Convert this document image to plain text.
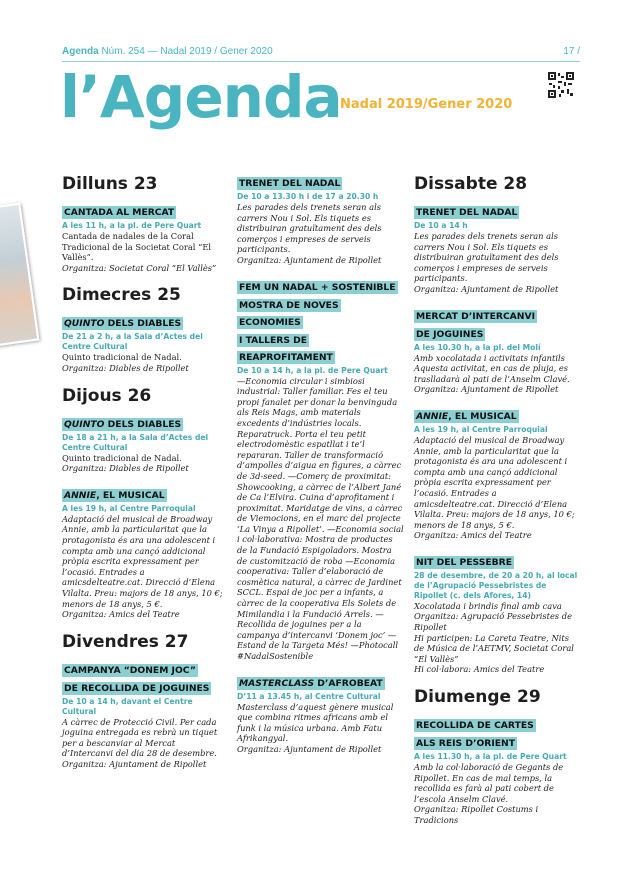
Agenda Núm. 254 — Nadal 2019 / Gener 2020	17 /
l’Agenda
Nadal 2019/Gener 2020
Dilluns 23
CANTADA AL MERCAT
A les 11 h, a la pl. de Pere Quart
Cantada de nadales de la Coral Tradicional de la Societat Coral “El Vallès”.
Organitza: Societat Coral “El Vallès”
Dimecres 25
QUINTO DELS DIABLES
De 21 a 2 h, a la Sala d’Actes del Centre Cultural
Quinto tradicional de Nadal.
Organitza: Diables de Ripollet
Dijous 26
QUINTO DELS DIABLES
De 18 a 21 h, a la Sala d’Actes del Centre Cultural
Quinto tradicional de Nadal.
Organitza: Diables de Ripollet
ANNIE, EL MUSICAL
A les 19 h, al Centre Parroquial
Adaptació del musical de Broadway Annie, amb la particularitat que la protagonista és ara una adolescent i compta amb una cançó addicional pròpia escrita expressament per l’ocasió. Entrades a amicsdelteatre.cat. Direcció d’Elena Vilalta. Preu: majors de 18 anys, 10 €; menors de 18 anys, 5 €.
Organitza: Amics del Teatre
Divendres 27
CAMPANYA “DONEM JOC”
DE RECOLLIDA DE JOGUINES
De 10 a 14 h, davant el Centre Cultural
A càrrec de Protecció Civil. Per cada joguina entregada es rebrà un tiquet per a bescanviar al Mercat d’Intercanvi del dia 28 de desembre.
Organitza: Ajuntament de Ripollet
TRENET DEL NADAL
De 10 a 13.30 h i de 17 a 20.30 h
Les parades dels trenets seran als carrers Nou i Sol. Els tiquets es distribuiran gratuïtament des dels comerços i empreses de serveis participants.
Organitza: Ajuntament de Ripollet
FEM UN NADAL + SOSTENIBLE
MOSTRA DE NOVES ECONOMIES
I TALLERS DE REAPROFITAMENT
De 10 a 14 h, a la pl. de Pere Quart
—Economia circular i simbiosi industrial: Taller familiar. Fes el teu propi fanalet per donar la benvinguda als Reis Mags, amb materials excedents d’indústries locals. Reparatruck. Porta el teu petit electrodomèstic espatllat i te’l repararan. Taller de transformació d’ampolles d’aigua en figures, a càrrec de 3d-seed. —Comerç de proximitat: Showcooking, a càrrec de l’Albert Jané de Ca l’Elvira. Cuina d’aprofitament i proximitat. Maridatge de vins, a càrrec de Viemocions, en el marc del projecte ‘La Vinya a Ripollet’. —Economia social i col·laborativa: Mostra de productes de la Fundació Espigoladors. Mostra de customització de roba —Economia cooperativa: Taller d’elaboració de cosmètica natural, a càrrec de Jardinet SCCL. Espai de joc per a infants, a càrrec de la cooperativa Els Solets de Mimilandia i la Fundació Arrels. —Recollida de joguines per a la campanya d’intercanvi ‘Donem joc’ —Estand de la Targeta Més! —Photocall #NadalSostenible
MASTERCLASS D’AFROBEAT
D’11 a 13.45 h, al Centre Cultural
Masterclass d’aquest gènere musical que combina ritmes africans amb el funk i la música urbana. Amb Fatu Afrikangyal.
Organitza: Ajuntament de Ripollet
Dissabte 28
TRENET DEL NADAL
De 10 a 14 h
Les parades dels trenets seran als carrers Nou i Sol. Els tiquets es distribuiran gratuïtament des dels comerços i empreses de serveis participants.
Organitza: Ajuntament de Ripollet
MERCAT D’INTERCANVI
DE JOGUINES
A les 10.30 h, a la pl. del Molí
Amb xocolatada i activitats infantils Aquesta activitat, en cas de pluja, es traslladarà al pati de l’Anselm Clavé.
Organitza: Ajuntament de Ripollet
ANNIE, EL MUSICAL
A les 19 h, al Centre Parroquial
Adaptació del musical de Broadway Annie, amb la particularitat que la protagonista és ara una adolescent i compta amb una cançó addicional pròpia escrita expressament per l’ocasió. Entrades a amicsdelteatre.cat. Direcció d’Elena Vilalta. Preu: majors de 18 anys, 10 €; menors de 18 anys, 5 €.
Organitza: Amics del Teatre
NIT DEL PESSEBRE
28 de desembre, de 20 a 20 h, al local de l’Agrupació Pessebristes de Ripollet (c. dels Afores, 14)
Xocolatada i brindis final amb cava
Organitza: Agrupació Pessebristes de Ripollet
Hi participen: La Careta Teatre, Nits de Música de l’AETMV, Societat Coral “El Vallès”
Hi col·labora: Amics del Teatre
Diumenge 29
RECOLLIDA DE CARTES
ALS REIS D’ORIENT
A les 11.30 h, a la pl. de Pere Quart
Amb la col·laboració de Gegants de Ripollet. En cas de mal temps, la recollida es farà al pati cobert de l’escola Anselm Clavé.
Organitza: Ripollet Costums i Tradicions
